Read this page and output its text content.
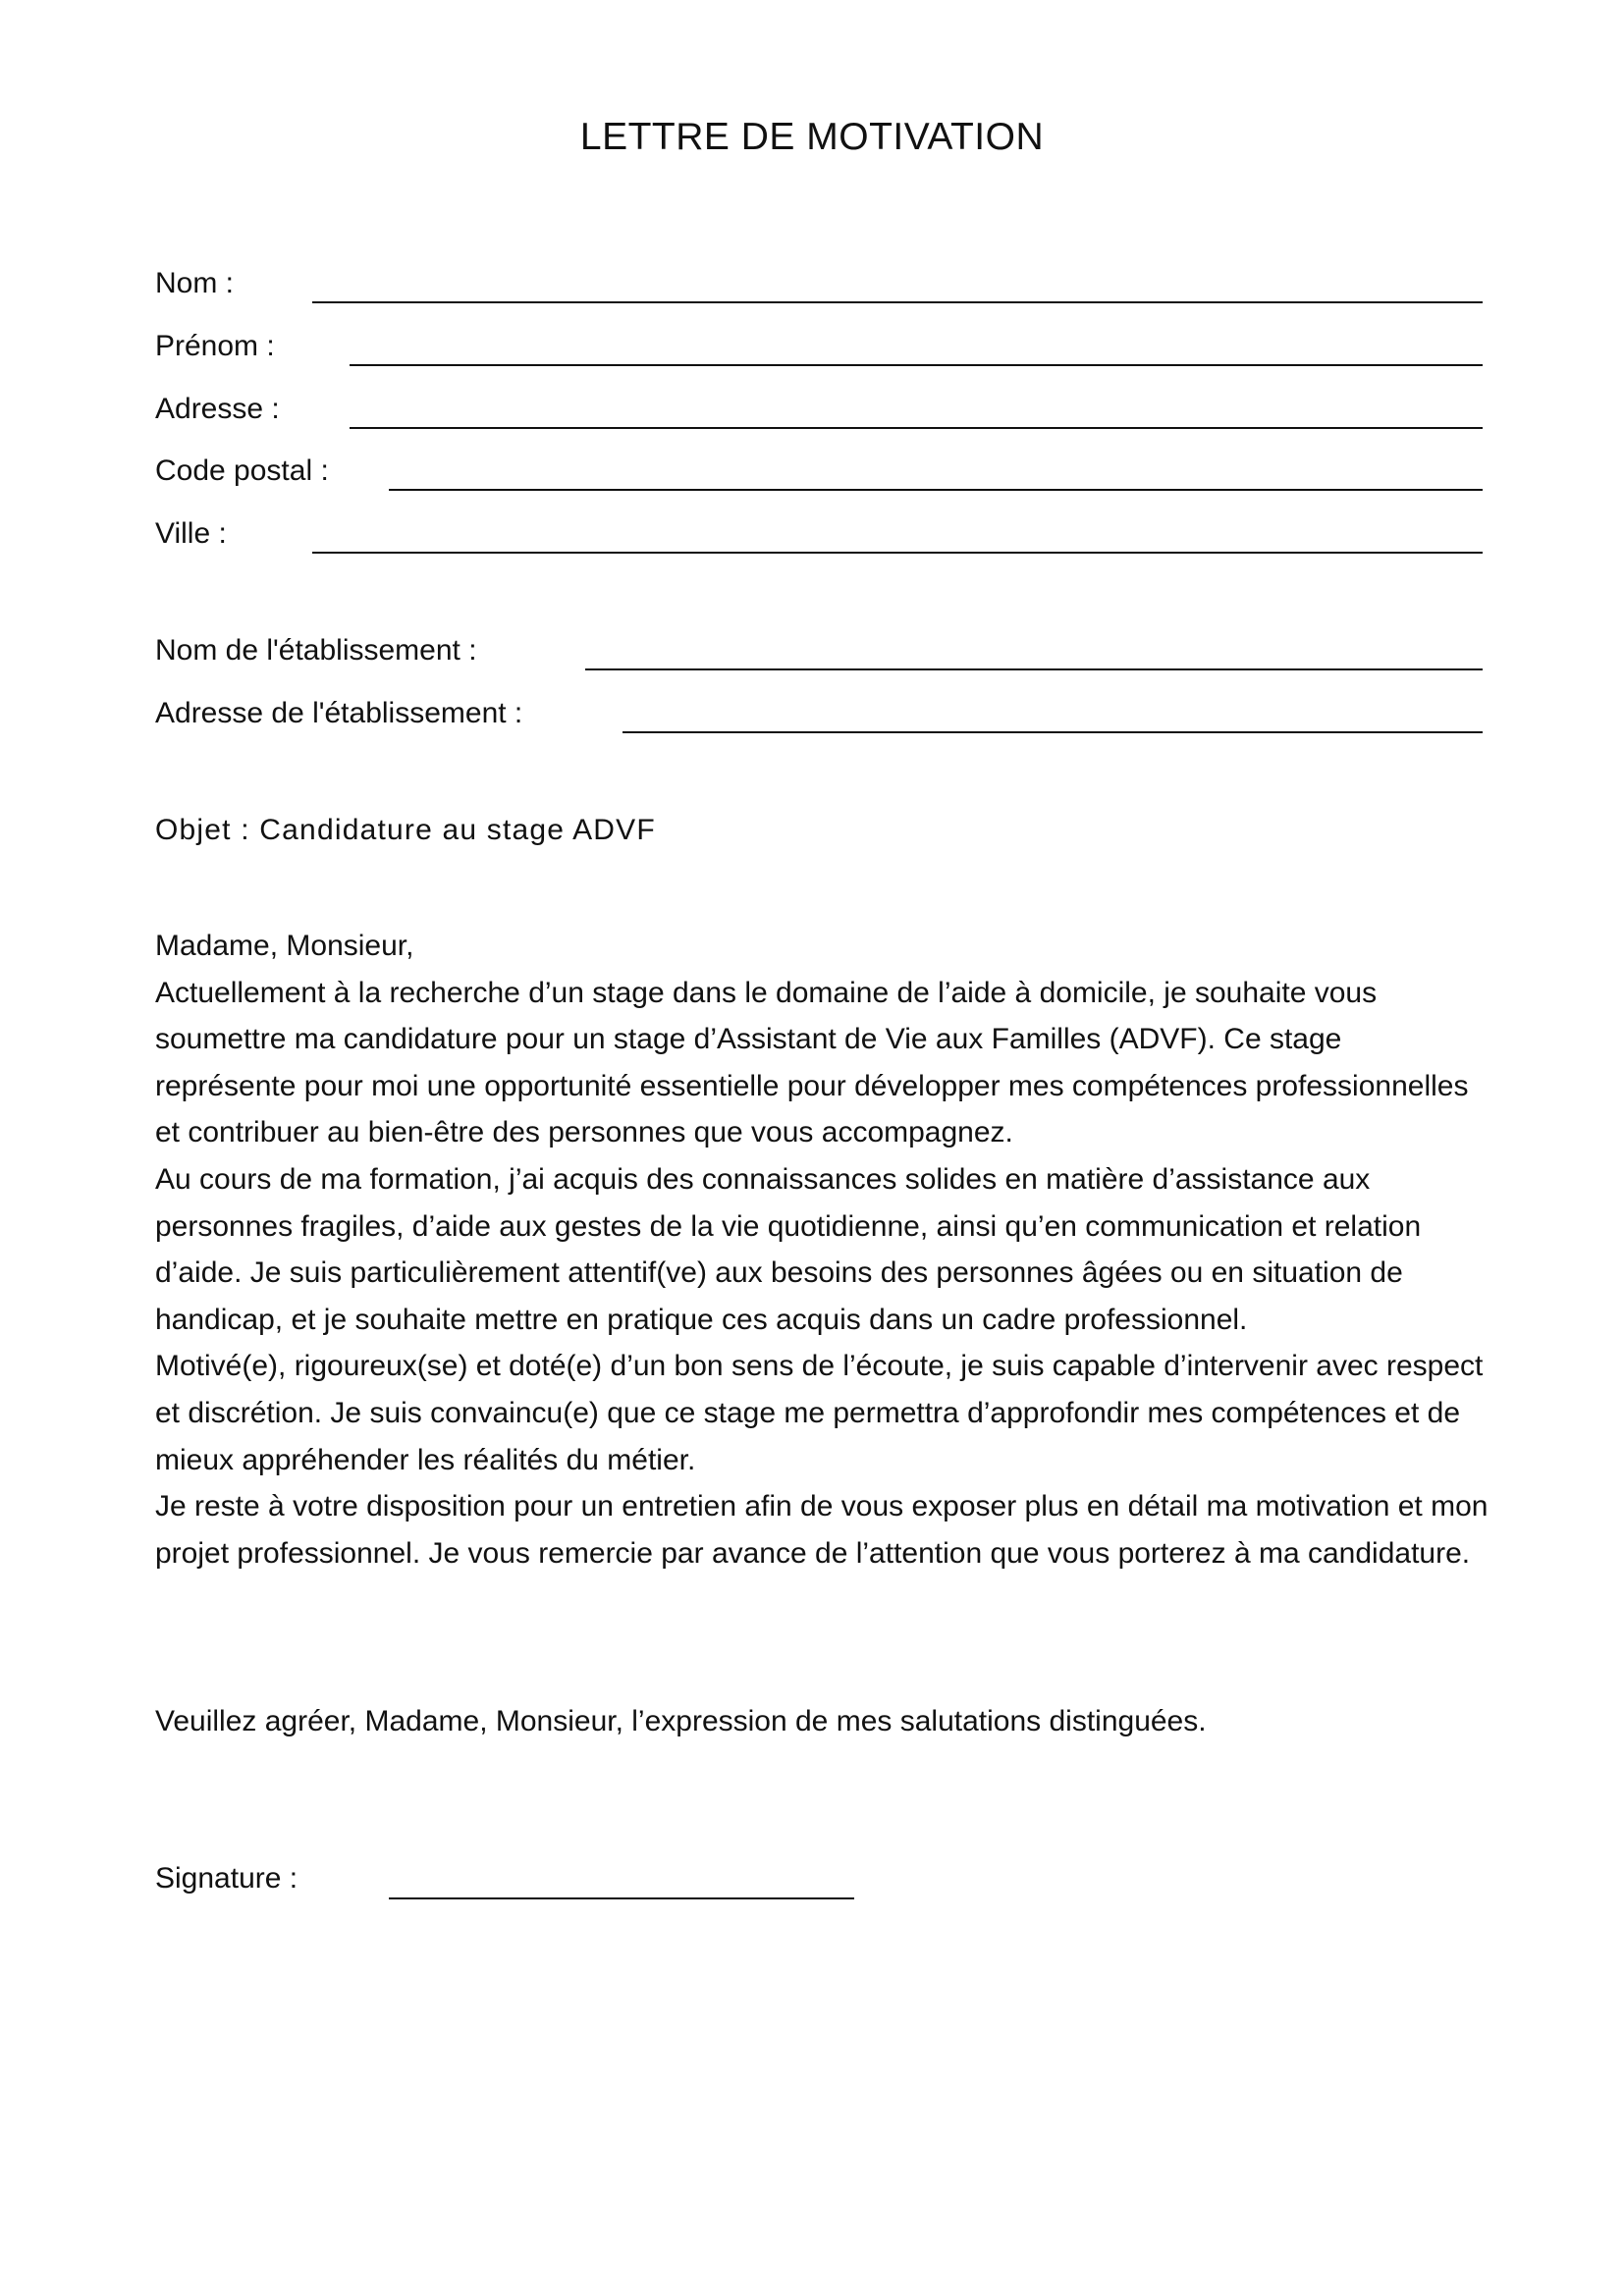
LETTRE DE MOTIVATION
Nom :
Prénom :
Adresse :
Code postal :
Ville :
Nom de l'établissement :
Adresse de l'établissement :

Objet : Candidature au stage ADVF

Madame, Monsieur,

Actuellement à la recherche d’un stage dans le domaine de l’aide à domicile, je souhaite vous soumettre ma candidature pour un stage d’Assistant de Vie aux Familles (ADVF). Ce stage représente pour moi une opportunité essentielle pour développer mes compétences professionnelles et contribuer au bien-être des personnes que vous accompagnez.

Au cours de ma formation, j’ai acquis des connaissances solides en matière d’assistance aux personnes fragiles, d’aide aux gestes de la vie quotidienne, ainsi qu’en communication et relation d’aide. Je suis particulièrement attentif(ve) aux besoins des personnes âgées ou en situation de handicap, et je souhaite mettre en pratique ces acquis dans un cadre professionnel.

Motivé(e), rigoureux(se) et doté(e) d’un bon sens de l’écoute, je suis capable d’intervenir avec respect et discrétion. Je suis convaincu(e) que ce stage me permettra d’approfondir mes compétences et de mieux appréhender les réalités du métier.

Je reste à votre disposition pour un entretien afin de vous exposer plus en détail ma motivation et mon projet professionnel. Je vous remercie par avance de l’attention que vous porterez à ma candidature.

Veuillez agréer, Madame, Monsieur, l’expression de mes salutations distinguées.

Signature :
